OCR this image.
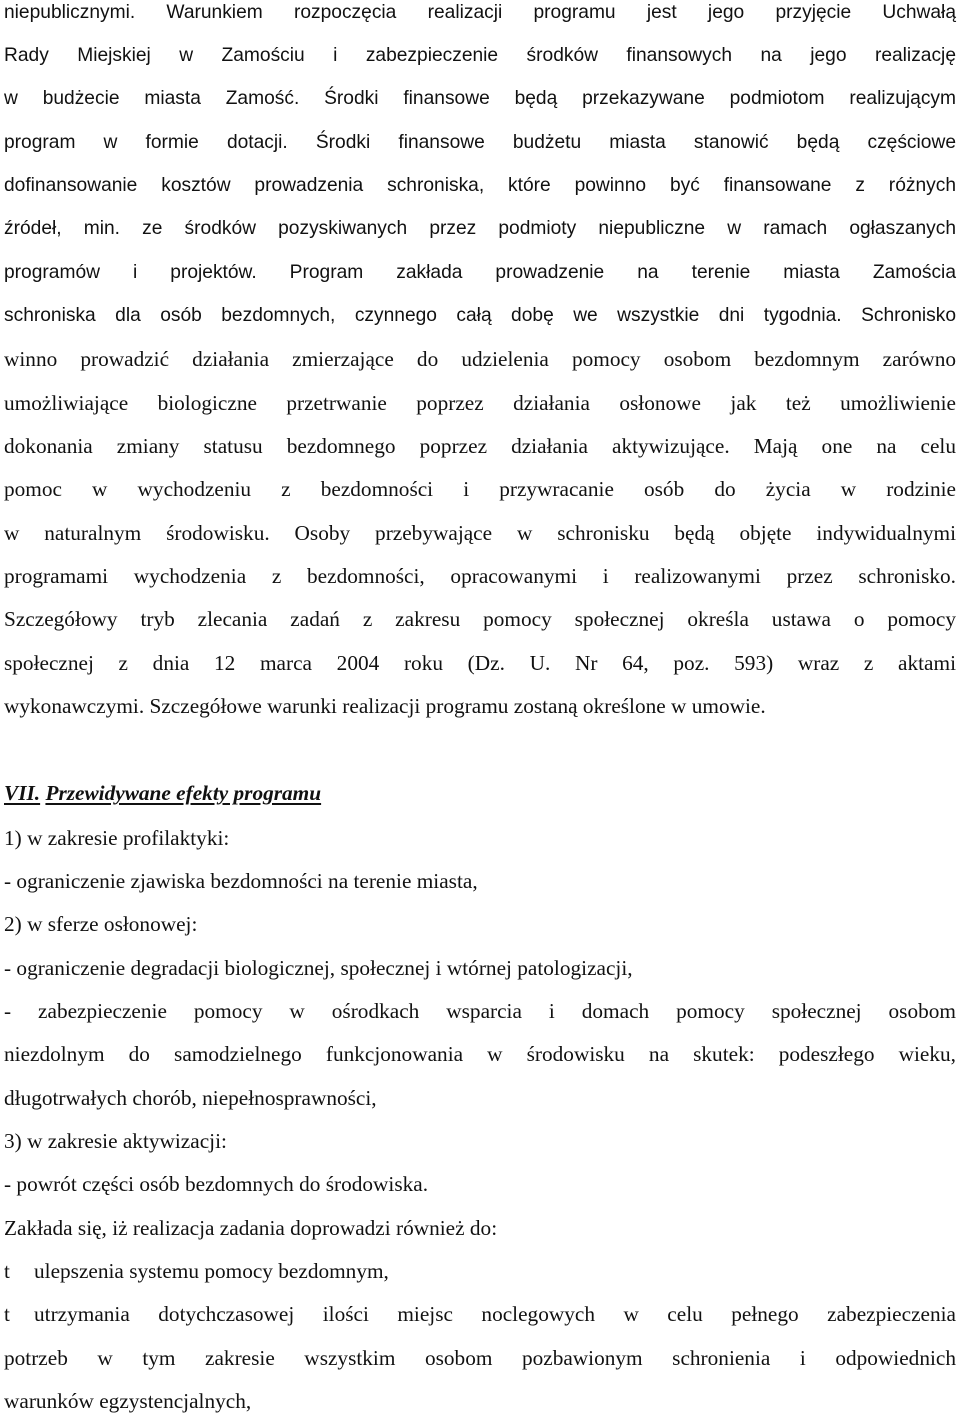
niepublicznymi. Warunkiem rozpoczęcia realizacji programu jest jego przyjęcie Uchwałą
Rady Miejskiej w Zamościu i zabezpieczenie środków finansowych na jego realizację
w budżecie miasta Zamość. Środki finansowe będą przekazywane podmiotom realizującym
program w formie dotacji. Środki finansowe budżetu miasta stanowić będą częściowe
dofinansowanie kosztów prowadzenia schroniska, które powinno być finansowane z różnych
źródeł, min. ze środków pozyskiwanych przez podmioty niepubliczne w ramach ogłaszanych
programów i projektów. Program zakłada prowadzenie na terenie miasta Zamościa
schroniska dla osób bezdomnych, czynnego całą dobę we wszystkie dni tygodnia. Schronisko
winno prowadzić działania zmierzające do udzielenia pomocy osobom bezdomnym zarówno
umożliwiające biologiczne przetrwanie poprzez działania osłonowe jak też umożliwienie
dokonania zmiany statusu bezdomnego poprzez działania aktywizujące. Mają one na celu
pomoc w wychodzeniu z bezdomności i przywracanie osób do życia w rodzinie
w naturalnym środowisku. Osoby przebywające w schronisku będą objęte indywidualnymi
programami wychodzenia z bezdomności, opracowanymi i realizowanymi przez schronisko.
Szczegółowy tryb zlecania zadań z zakresu pomocy społecznej określa ustawa o pomocy
społecznej z dnia 12 marca 2004 roku (Dz. U. Nr 64, poz. 593) wraz z aktami
wykonawczymi. Szczegółowe warunki realizacji programu zostaną określone w umowie.
VII. Przewidywane efekty programu
1) w zakresie profilaktyki:
- ograniczenie zjawiska bezdomności na terenie miasta,
2) w sferze osłonowej:
- ograniczenie degradacji biologicznej, społecznej i wtórnej patologizacji,
- zabezpieczenie pomocy w ośrodkach wsparcia i domach pomocy społecznej osobom
niezdolnym do samodzielnego funkcjonowania w środowisku na skutek: podeszłego wieku,
długotrwałych chorób, niepełnosprawności,
3) w zakresie aktywizacji:
- powrót części osób bezdomnych do środowiska.
Zakłada się, iż realizacja zadania doprowadzi również do:
t	ulepszenia systemu pomocy bezdomnym,
t	utrzymania dotychczasowej ilości miejsc noclegowych w celu pełnego zabezpieczenia
potrzeb w tym zakresie wszystkim osobom pozbawionym schronienia i odpowiednich
warunków egzystencjalnych,
